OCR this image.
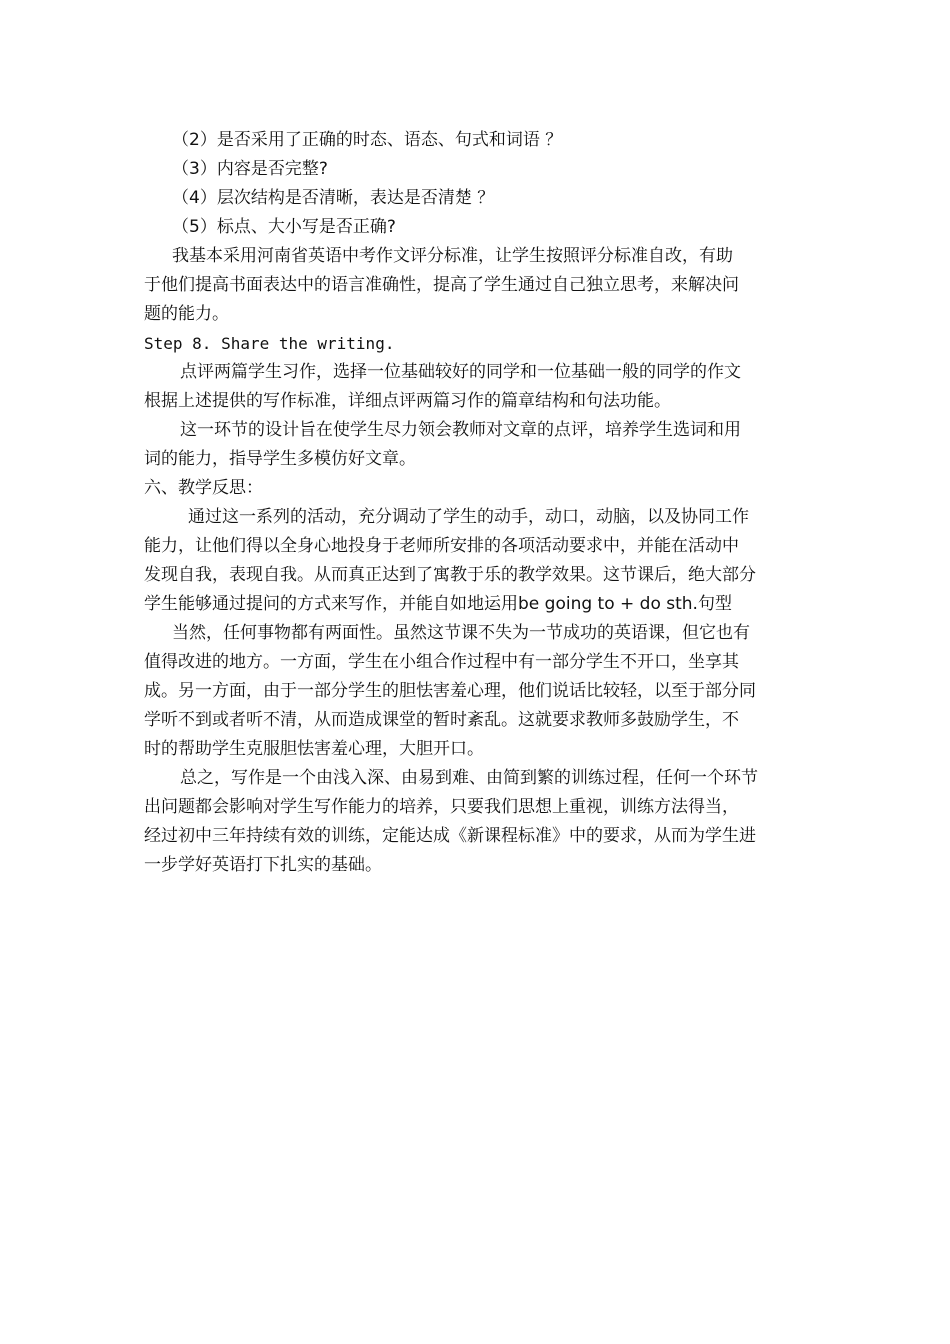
（2）是否采用了正确的时态、语态、句式和词语 ？
（3）内容是否完整?
（4）层次结构是否清晰，表达是否清楚 ？
（5）标点、大小写是否正确?
我基本采用河南省英语中考作文评分标准，让学生按照评分标准自改，有助
于他们提高书面表达中的语言准确性，提高了学生通过自己独立思考，来解决问
题的能力。
Step 8. Share the writing.
点评两篇学生习作，选择一位基础较好的同学和一位基础一般的同学的作文
根据上述提供的写作标准，详细点评两篇习作的篇章结构和句法功能。
这一环节的设计旨在使学生尽力领会教师对文章的点评，培养学生选词和用
词的能力，指导学生多模仿好文章。
六、教学反思：
通过这一系列的活动，充分调动了学生的动手，动口，动脑，以及协同工作
能力，让他们得以全身心地投身于老师所安排的各项活动要求中，并能在活动中
发现自我，表现自我。从而真正达到了寓教于乐的教学效果。这节课后，绝大部分
学生能够通过提问的方式来写作，并能自如地运用be going to + do sth.句型
当然，任何事物都有两面性。虽然这节课不失为一节成功的英语课，但它也有
值得改进的地方。一方面，学生在小组合作过程中有一部分学生不开口，坐享其
成。另一方面，由于一部分学生的胆怯害羞心理，他们说话比较轻，以至于部分同
学听不到或者听不清，从而造成课堂的暂时紊乱。这就要求教师多鼓励学生，不
时的帮助学生克服胆怯害羞心理，大胆开口。
总之，写作是一个由浅入深、由易到难、由简到繁的训练过程，任何一个环节
出问题都会影响对学生写作能力的培养，只要我们思想上重视，训练方法得当，
经过初中三年持续有效的训练，定能达成《新课程标准》中的要求，从而为学生进
一步学好英语打下扎实的基础。
